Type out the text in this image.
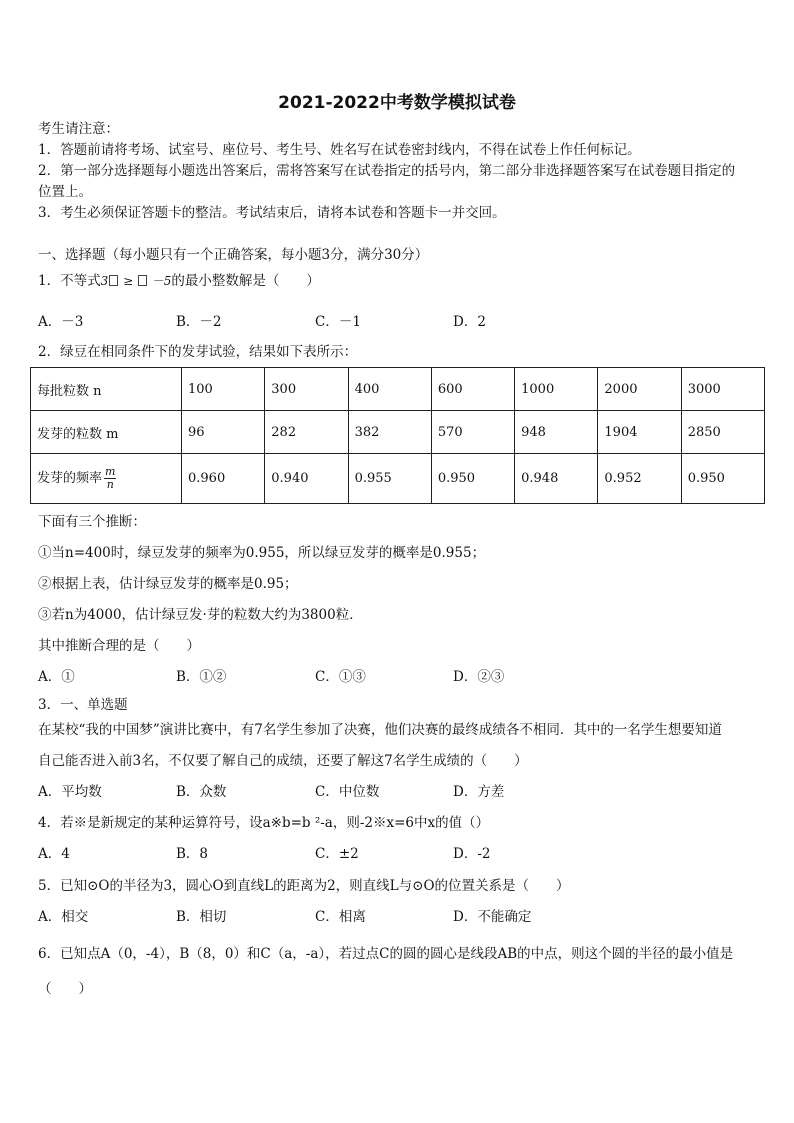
2021-2022中考数学模拟试卷
考生请注意：
1．答题前请将考场、试室号、座位号、考生号、姓名写在试卷密封线内，不得在试卷上作任何标记。
2．第一部分选择题每小题选出答案后，需将答案写在试卷指定的括号内，第二部分非选择题答案写在试卷题目指定的
位置上。
3．考生必须保证答题卡的整洁。考试结束后，请将本试卷和答题卡一并交回。
一、选择题（每小题只有一个正确答案，每小题3分，满分30分）
1．不等式3 ≥ －5的最小整数解是（　　）
A．－3	B．－2	C．－1	D．2
2．绿豆在相同条件下的发芽试验，结果如下表所示：
每批粒数 n	100	300	400	600	1000	2000	3000
发芽的粒数 m	96	282	382	570	948	1904	2850
发芽的频率 $\frac{m}{n}$	0.960	0.940	0.955	0.950	0.948	0.952	0.950
下面有三个推断：
①当n=400时，绿豆发芽的频率为0.955，所以绿豆发芽的概率是0.955；
②根据上表，估计绿豆发芽的概率是0.95；
③若n为4000，估计绿豆发·芽的粒数大约为3800粒．
其中推断合理的是（　　）
A．①	B．①②	C．①③	D．②③
3．一、单选题
在某校“我的中国梦”演讲比赛中，有7名学生参加了决赛，他们决赛的最终成绩各不相同．其中的一名学生想要知道
自己能否进入前3名，不仅要了解自己的成绩，还要了解这7名学生成绩的（　　）
A．平均数	B．众数	C．中位数	D．方差
4．若※是新规定的某种运算符号，设a※b=b ²-a，则-2※x=6中x的值（）
A．4	B．8	C．±2	D．-2
5．已知⊙O的半径为3，圆心O到直线L的距离为2，则直线L与⊙O的位置关系是（　　）
A．相交	B．相切	C．相离	D．不能确定
6．已知点A（0，-4），B（8，0）和C（a，-a），若过点C的圆的圆心是线段AB的中点，则这个圆的半径的最小值是
（　　）
